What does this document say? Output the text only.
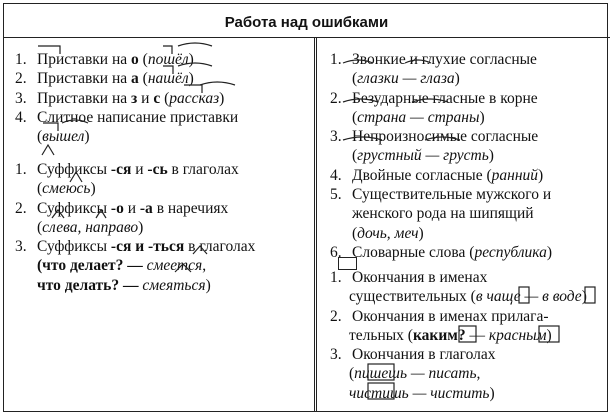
Работа над ошибками
1. Приставки на о (пошёл)
2. Приставки на а (нашёл)
3. Приставки на з и с (рассказ)
4. Слитное написание приставки
(вышел)
1. Суффиксы -ся и -сь в глаголах
(смеюсь)
2. Суффиксы -о и -а в наречиях
(слева, направо)
3. Суффиксы -ся и -ться в глаголах
(что делает? — смеется,
что делать? — смеяться)
1. Звонкие и глухие согласные
(глазки — глаза)
2. Безударные гласные в корне
(страна — страны)
3. Непроизносимые согласные
(грустный — грусть)
4. Двойные согласные (ранний)
5. Существительные мужского и
женского рода на шипящий
(дочь, меч)
6. Словарные слова (республика)
1. Окончания в именах
существительных (в чаще — в воде)
2. Окончания в именах прилага-
тельных (каким? — красным)
3. Окончания в глаголах
(пишешь — писать,
чистишь — чистить)
